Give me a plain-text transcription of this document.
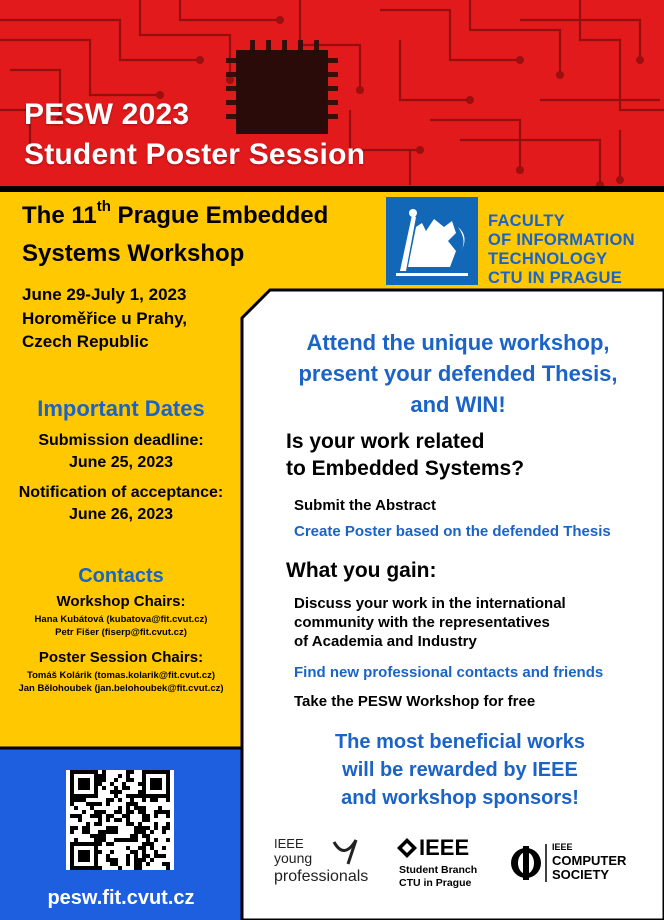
PESW 2023
Student Poster Session
The 11th Prague Embedded
Systems Workshop
June 29-July 1, 2023
Horoměřice u Prahy,
Czech Republic
FACULTY
OF INFORMATION
TECHNOLOGY
CTU IN PRAGUE
Important Dates
Submission deadline:
June 25, 2023
Notification of acceptance:
June 26, 2023
Contacts
Workshop Chairs:
Hana Kubátová (kubatova@fit.cvut.cz)
Petr Fišer (fiserp@fit.cvut.cz)
Poster Session Chairs:
Tomáš Kolárik (tomas.kolarik@fit.cvut.cz)
Jan Bělohoubek (jan.belohoubek@fit.cvut.cz)
Attend the unique workshop,
present your defended Thesis,
and WIN!
Is your work related
to Embedded Systems?
Submit the Abstract
Create Poster based on the defended Thesis
What you gain:
Discuss your work in the international
community with the representatives
of Academia and Industry
Find new professional contacts and friends
Take the PESW Workshop for free
The most beneficial works
will be rewarded by IEEE
and workshop sponsors!
pesw.fit.cvut.cz
IEEE
young
professionals
IEEE
Student Branch
CTU in Prague
IEEE
COMPUTER
SOCIETY
